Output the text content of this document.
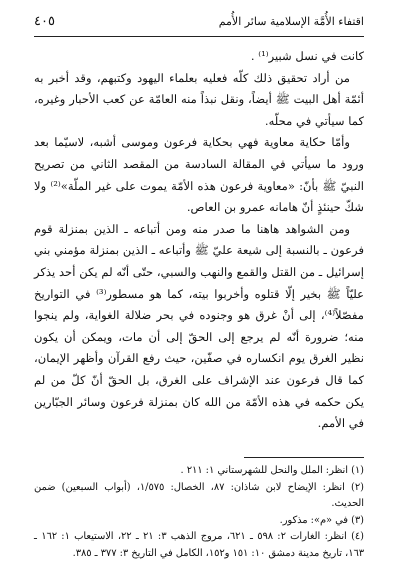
اقتفاء الأُمَّة الإسلامية سائر الأُمم
٤٠٥

كانت في نسل شبير⁽¹⁾ .

من أراد تحقيق ذلك كلّه فعليه بعلماء اليهود وكتبهم، وقد أخبر به أئمّة أهل البيت ﷺ أيضاً، ونقل نبذاً منه العامّة عن كعب الأحبار وغيره، كما سيأتي في محلّه.

وأمّا حكاية معاوية فهي بحكاية فرعون وموسى أشبه، لاسيّما بعد ورود ما سيأتي في المقالة السادسة من المقصد الثاني من تصريح النبيّ ﷺ بأنّ: «معاوية فرعون هذه الأمّة يموت على غير الملّة»⁽²⁾ ولا شكّ حينئذٍ أنّ هامانه عمرو بن العاص.

ومن الشواهد هاهنا ما صدر منه ومن أتباعه ـ الذين بمنزلة قوم فرعون ـ بالنسبة إلى شيعة عليّ ﷺ وأتباعه ـ الذين بمنزلة مؤمني بني إسرائيل ـ من القتل والقمع والنهب والسبي، حتّى أنّه لم يكن أحد يذكر عليّاً ﷺ بخير إلّا قتلوه وأخربوا بيته، كما هو مسطور⁽³⁾ في التواريخ مفصّلاً⁽⁴⁾، إلى أنْ غرق هو وجنوده في بحر ضلالة الغواية، ولم ينجوا منه؛ ضرورة أنّه لم يرجع إلى الحقّ إلى أن مات، ويمكن أن يكون نظير الغرق يوم انكساره في صفّين، حيث رفع القرآن وأظهر الإيمان، كما قال فرعون عند الإشراف على الغرق، بل الحقّ أنّ كلّ من لم يكن حكمه في هذه الأمّة من الله كان بمنزلة فرعون وسائر الجبّارين في الأمم.

(١) انظر: الملل والنحل للشهرستاني ١: ٢١١ .

(٢) انظر: الإيضاح لابن شاذان: ٨٧، الخصال: ١/٥٧٥، (أبواب السبعين) ضمن الحديث.

(٣) في «م»: مذكور.

(٤) انظر: الغارات ٢: ٥٩٨ ـ ٦٢١، مروج الذهب ٣: ٢١ ـ ٢٢، الاستيعاب ١: ١٦٢ ـ ١٦٣، تاريخ مدينة دمشق ١٠: ١٥١ و١٥٢، الكامل في التاريخ ٣: ٣٧٧ ـ ٣٨٥.
